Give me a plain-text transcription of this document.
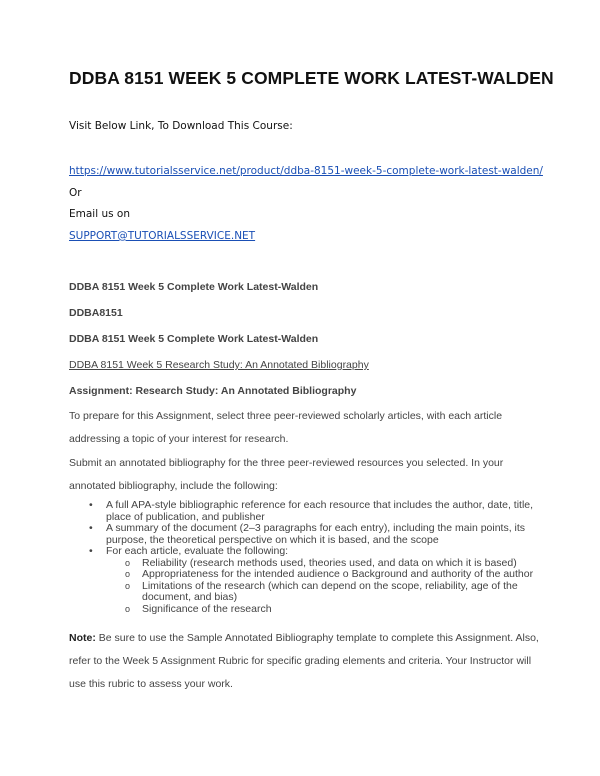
DDBA 8151 WEEK 5 COMPLETE WORK LATEST-WALDEN
Visit Below Link, To Download This Course:
https://www.tutorialsservice.net/product/ddba-8151-week-5-complete-work-latest-walden/
Or
Email us on
SUPPORT@TUTORIALSSERVICE.NET
DDBA 8151 Week 5 Complete Work Latest-Walden
DDBA8151
DDBA 8151 Week 5 Complete Work Latest-Walden
DDBA 8151 Week 5 Research Study: An Annotated Bibliography
Assignment: Research Study: An Annotated Bibliography

To prepare for this Assignment, select three peer-reviewed scholarly articles, with each article addressing a topic of your interest for research.

Submit an annotated bibliography for the three peer-reviewed resources you selected. In your annotated bibliography, include the following:

• A full APA-style bibliographic reference for each resource that includes the author, date, title, place of publication, and publisher
• A summary of the document (2–3 paragraphs for each entry), including the main points, its purpose, the theoretical perspective on which it is based, and the scope
• For each article, evaluate the following:
o Reliability (research methods used, theories used, and data on which it is based)
o Appropriateness for the intended audience o Background and authority of the author
o Limitations of the research (which can depend on the scope, reliability, age of the document, and bias)
o Significance of the research

Note: Be sure to use the Sample Annotated Bibliography template to complete this Assignment. Also, refer to the Week 5 Assignment Rubric for specific grading elements and criteria. Your Instructor will use this rubric to assess your work.
